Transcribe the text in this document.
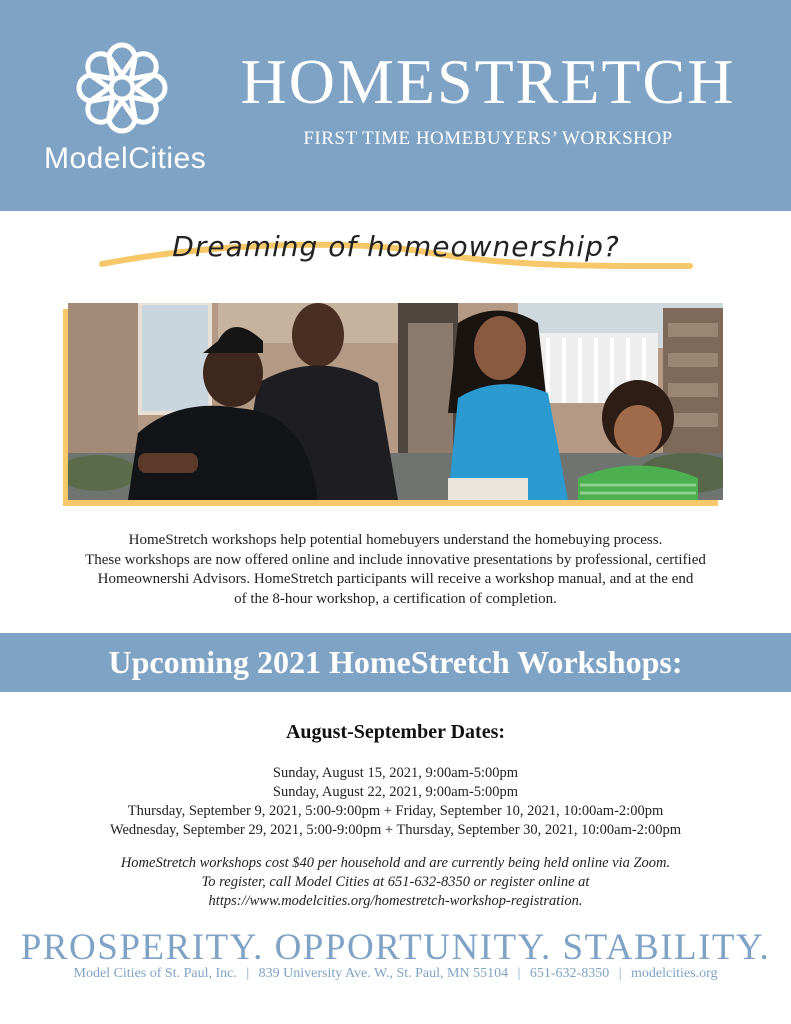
ModelCities
HOMESTRETCH
FIRST TIME HOMEBUYERS’ WORKSHOP
Dreaming of homeownership?
HomeStretch workshops help potential homebuyers understand the homebuying process.
These workshops are now offered online and include innovative presentations by professional, certified
Homeownershi Advisors. HomeStretch participants will receive a workshop manual, and at the end
of the 8-hour workshop, a certification of completion.
Upcoming 2021 HomeStretch Workshops:
August-September Dates:
Sunday, August 15, 2021, 9:00am-5:00pm
Sunday, August 22, 2021, 9:00am-5:00pm
Thursday, September 9, 2021, 5:00-9:00pm + Friday, September 10, 2021, 10:00am-2:00pm
Wednesday, September 29, 2021, 5:00-9:00pm + Thursday, September 30, 2021, 10:00am-2:00pm
HomeStretch workshops cost $40 per household and are currently being held online via Zoom.
To register, call Model Cities at 651-632-8350 or register online at
https://www.modelcities.org/homestretch-workshop-registration.
PROSPERITY. OPPORTUNITY. STABILITY.
Model Cities of St. Paul, Inc. | 839 University Ave. W., St. Paul, MN 55104 | 651-632-8350 | modelcities.org
